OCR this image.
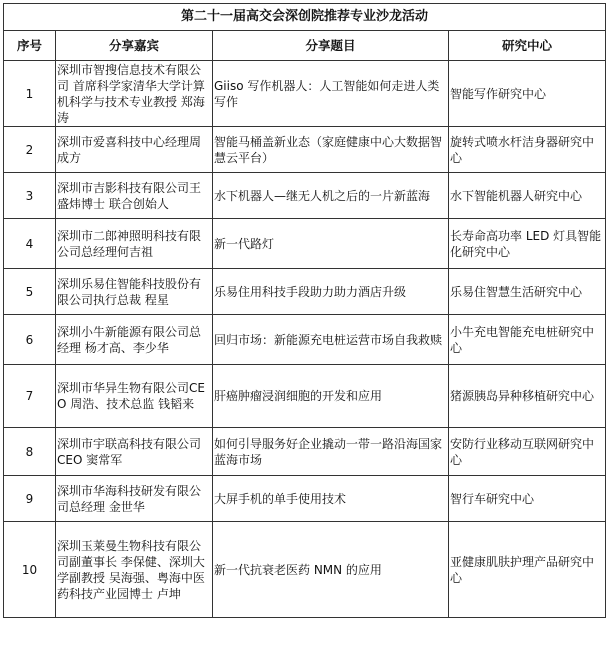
第二十一届高交会深创院推荐专业沙龙活动			
序号	分享嘉宾	分享题目	研究中心
1	深圳市智搜信息技术有限公司 首席科学家清华大学计算机科学与技术专业教授 郑海涛	Giiso 写作机器人：人工智能如何走进人类写作	智能写作研究中心
2	深圳市爱喜科技中心经理周成方	智能马桶盖新业态（家庭健康中心大数据智慧云平台）	旋转式喷水杆洁身器研究中心
3	深圳市吉影科技有限公司王盛炜博士 联合创始人	水下机器人—继无人机之后的一片新蓝海	水下智能机器人研究中心
4	深圳市二郎神照明科技有限公司总经理何吉祖	新一代路灯	长寿命高功率 LED 灯具智能化研究中心
5	深圳乐易住智能科技股份有限公司执行总裁 程星	乐易住用科技手段助力助力酒店升级	乐易住智慧生活研究中心
6	深圳小牛新能源有限公司总经理 杨才高、李少华	回归市场：新能源充电桩运营市场自我救赎	小牛充电智能充电桩研究中心
7	深圳市华异生物有限公司CEO 周浩、技术总监 钱韬来	肝癌肿瘤浸润细胞的开发和应用	猪源胰岛异种移植研究中心
8	深圳市宇联高科技有限公司 CEO 窦常军	如何引导服务好企业撬动一带一路沿海国家蓝海市场	安防行业移动互联网研究中心
9	深圳市华海科技研发有限公司总经理 金世华	大屏手机的单手使用技术	智行车研究中心
10	深圳玉莱曼生物科技有限公司副董事长 李保健、深圳大学副教授 吴海强、粤海中医药科技产业园博士 卢坤	新一代抗衰老医药 NMN 的应用	亚健康肌肤护理产品研究中心
